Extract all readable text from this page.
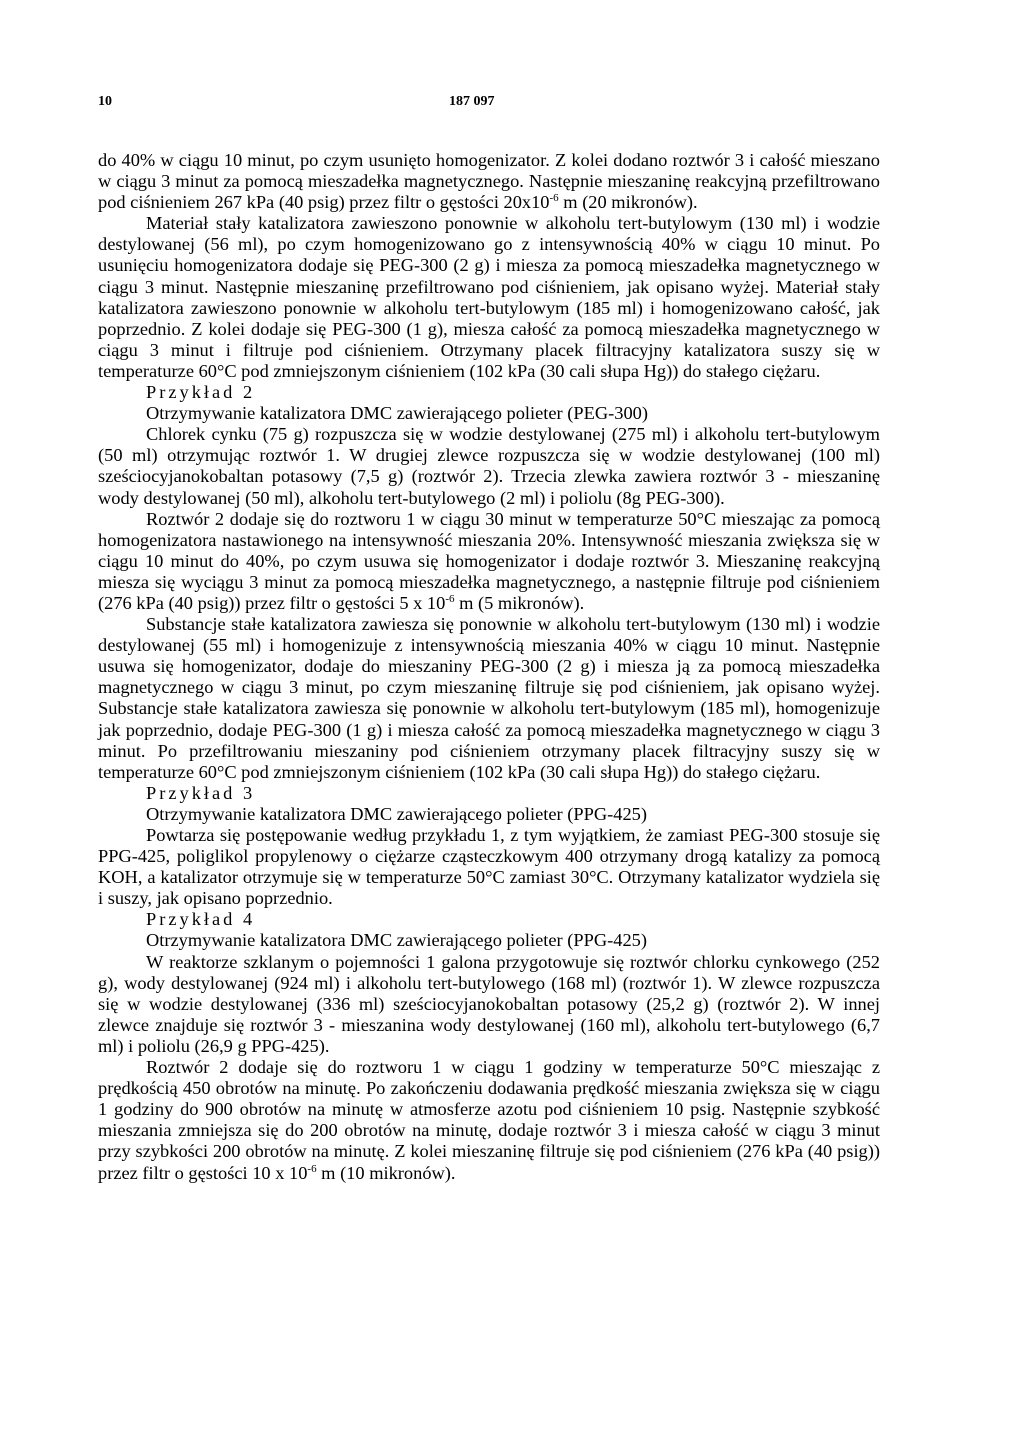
10	187 097

do 40% w ciągu 10 minut, po czym usunięto homogenizator. Z kolei dodano roztwór 3 i całość mieszano w ciągu 3 minut za pomocą mieszadełka magnetycznego. Następnie mieszaninę reakcyjną przefiltrowano pod ciśnieniem 267 kPa (40 psig) przez filtr o gęstości $20x10^{-6}$ m (20 mikronów).

Materiał stały katalizatora zawieszono ponownie w alkoholu tert-butylowym (130 ml) i wodzie destylowanej (56 ml), po czym homogenizowano go z intensywnością 40% w ciągu 10 minut. Po usunięciu homogenizatora dodaje się PEG-300 (2 g) i miesza za pomocą mieszadełka magnetycznego w ciągu 3 minut. Następnie mieszaninę przefiltrowano pod ciśnieniem, jak opisano wyżej. Materiał stały katalizatora zawieszono ponownie w alkoholu tert-butylowym (185 ml) i homogenizowano całość, jak poprzednio. Z kolei dodaje się PEG-300 (1 g), miesza całość za pomocą mieszadełka magnetycznego w ciągu 3 minut i filtruje pod ciśnieniem. Otrzymany placek filtracyjny katalizatora suszy się w temperaturze 60°C pod zmniejszonym ciśnieniem (102 kPa (30 cali słupa Hg)) do stałego ciężaru.

Przykład 2

Otrzymywanie katalizatora DMC zawierającego polieter (PEG-300)

Chlorek cynku (75 g) rozpuszcza się w wodzie destylowanej (275 ml) i alkoholu tert-butylowym (50 ml) otrzymując roztwór 1. W drugiej zlewce rozpuszcza się w wodzie destylowanej (100 ml) sześciocyjanokobaltan potasowy (7,5 g) (roztwór 2). Trzecia zlewka zawiera roztwór 3 - mieszaninę wody destylowanej (50 ml), alkoholu tert-butylowego (2 ml) i poliolu (8g PEG-300).

Roztwór 2 dodaje się do roztworu 1 w ciągu 30 minut w temperaturze 50°C mieszając za pomocą homogenizatora nastawionego na intensywność mieszania 20%. Intensywność mieszania zwiększa się w ciągu 10 minut do 40%, po czym usuwa się homogenizator i dodaje roztwór 3. Mieszaninę reakcyjną miesza się wyciągu 3 minut za pomocą mieszadełka magnetycznego, a następnie filtruje pod ciśnieniem (276 kPa (40 psig)) przez filtr o gęstości 5 x $10^{-6}$ m (5 mikronów).

Substancje stałe katalizatora zawiesza się ponownie w alkoholu tert-butylowym (130 ml) i wodzie destylowanej (55 ml) i homogenizuje z intensywnością mieszania 40% w ciągu 10 minut. Następnie usuwa się homogenizator, dodaje do mieszaniny PEG-300 (2 g) i miesza ją za pomocą mieszadełka magnetycznego w ciągu 3 minut, po czym mieszaninę filtruje się pod ciśnieniem, jak opisano wyżej. Substancje stałe katalizatora zawiesza się ponownie w alkoholu tert-butylowym (185 ml), homogenizuje jak poprzednio, dodaje PEG-300 (1 g) i miesza całość za pomocą mieszadełka magnetycznego w ciągu 3 minut. Po przefiltrowaniu mieszaniny pod ciśnieniem otrzymany placek filtracyjny suszy się w temperaturze 60°C pod zmniejszonym ciśnieniem (102 kPa (30 cali słupa Hg)) do stałego ciężaru.

Przykład 3

Otrzymywanie katalizatora DMC zawierającego polieter (PPG-425)

Powtarza się postępowanie według przykładu 1, z tym wyjątkiem, że zamiast PEG-300 stosuje się PPG-425, poliglikol propylenowy o ciężarze cząsteczkowym 400 otrzymany drogą katalizy za pomocą KOH, a katalizator otrzymuje się w temperaturze 50°C zamiast 30°C. Otrzymany katalizator wydziela się i suszy, jak opisano poprzednio.

Przykład 4

Otrzymywanie katalizatora DMC zawierającego polieter (PPG-425)

W reaktorze szklanym o pojemności 1 galona przygotowuje się roztwór chlorku cynkowego (252 g), wody destylowanej (924 ml) i alkoholu tert-butylowego (168 ml) (roztwór 1). W zlewce rozpuszcza się w wodzie destylowanej (336 ml) sześciocyjanokobaltan potasowy (25,2 g) (roztwór 2). W innej zlewce znajduje się roztwór 3 - mieszanina wody destylowanej (160 ml), alkoholu tert-butylowego (6,7 ml) i poliolu (26,9 g PPG-425).

Roztwór 2 dodaje się do roztworu 1 w ciągu 1 godziny w temperaturze 50°C mieszając z prędkością 450 obrotów na minutę. Po zakończeniu dodawania prędkość mieszania zwiększa się w ciągu 1 godziny do 900 obrotów na minutę w atmosferze azotu pod ciśnieniem 10 psig. Następnie szybkość mieszania zmniejsza się do 200 obrotów na minutę, dodaje roztwór 3 i miesza całość w ciągu 3 minut przy szybkości 200 obrotów na minutę. Z kolei mieszaninę filtruje się pod ciśnieniem (276 kPa (40 psig)) przez filtr o gęstości 10 x $10^{-6}$ m (10 mikronów).
